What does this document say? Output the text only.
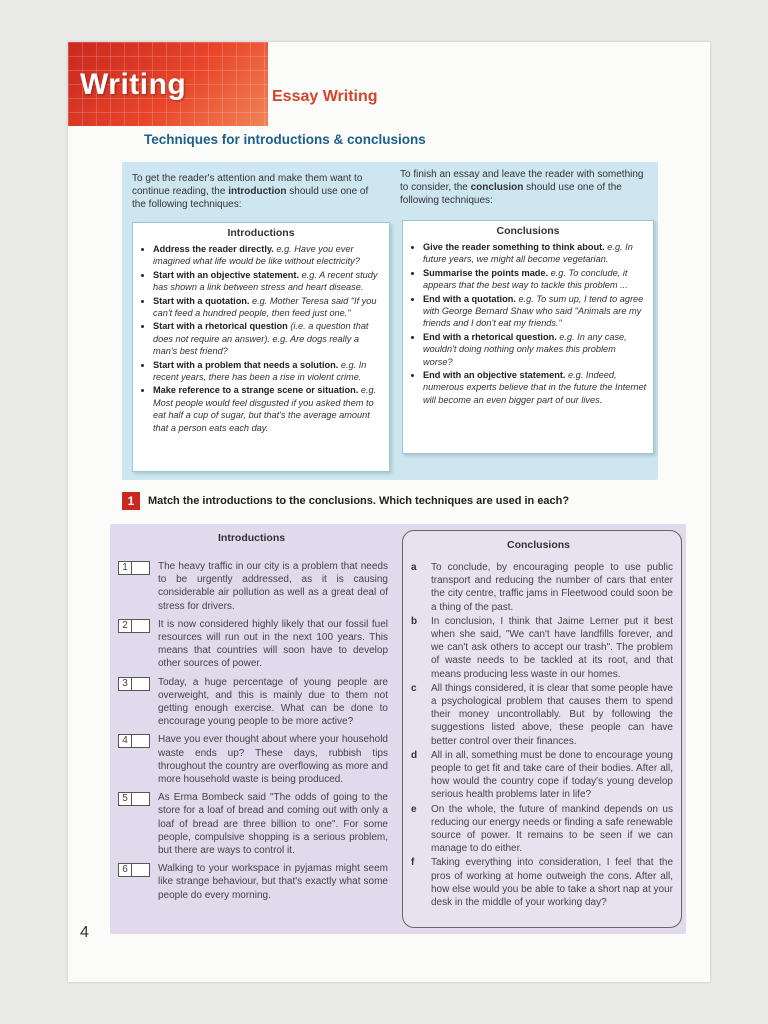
Writing	Essay Writing
Techniques for introductions & conclusions
To get the reader's attention and make them want to continue reading, the introduction should use one of the following techniques:
To finish an essay and leave the reader with something to consider, the conclusion should use one of the following techniques:
Introductions
• Address the reader directly. e.g. Have you ever imagined what life would be like without electricity?
• Start with an objective statement. e.g. A recent study has shown a link between stress and heart disease.
• Start with a quotation. e.g. Mother Teresa said "If you can't feed a hundred people, then feed just one."
• Start with a rhetorical question (i.e. a question that does not require an answer). e.g. Are dogs really a man's best friend?
• Start with a problem that needs a solution. e.g. In recent years, there has been a rise in violent crime.
• Make reference to a strange scene or situation. e.g. Most people would feel disgusted if you asked them to eat half a cup of sugar, but that's the average amount that a person eats each day.
Conclusions
• Give the reader something to think about. e.g. In future years, we might all become vegetarian.
• Summarise the points made. e.g. To conclude, it appears that the best way to tackle this problem ...
• End with a quotation. e.g. To sum up, I tend to agree with George Bernard Shaw who said "Animals are my friends and I don't eat my friends."
• End with a rhetorical question. e.g. In any case, wouldn't doing nothing only makes this problem worse?
• End with an objective statement. e.g. Indeed, numerous experts believe that in the future the Internet will become an even bigger part of our lives.
1 Match the introductions to the conclusions. Which techniques are used in each?
Introductions
1	The heavy traffic in our city is a problem that needs to be urgently addressed, as it is causing considerable air pollution as well as a great deal of stress for drivers.
2	It is now considered highly likely that our fossil fuel resources will run out in the next 100 years. This means that countries will soon have to develop other sources of power.
3	Today, a huge percentage of young people are overweight, and this is mainly due to them not getting enough exercise. What can be done to encourage young people to be more active?
4	Have you ever thought about where your household waste ends up? These days, rubbish tips throughout the country are overflowing as more and more household waste is being produced.
5	As Erma Bombeck said "The odds of going to the store for a loaf of bread and coming out with only a loaf of bread are three billion to one". For some people, compulsive shopping is a serious problem, but there are ways to control it.
6	Walking to your workspace in pyjamas might seem like strange behaviour, but that's exactly what some people do every morning.
Conclusions
a To conclude, by encouraging people to use public transport and reducing the number of cars that enter the city centre, traffic jams in Fleetwood could soon be a thing of the past.
b In conclusion, I think that Jaime Lerner put it best when she said, "We can't have landfills forever, and we can't ask others to accept our trash". The problem of waste needs to be tackled at its root, and that means producing less waste in our homes.
c All things considered, it is clear that some people have a psychological problem that causes them to spend their money uncontrollably. But by following the suggestions listed above, these people can have better control over their finances.
d All in all, something must be done to encourage young people to get fit and take care of their bodies. After all, how would the country cope if today's young develop serious health problems later in life?
e On the whole, the future of mankind depends on us reducing our energy needs or finding a safe renewable source of power. It remains to be seen if we can manage to do either.
f Taking everything into consideration, I feel that the pros of working at home outweigh the cons. After all, how else would you be able to take a short nap at your desk in the middle of your working day?
4
